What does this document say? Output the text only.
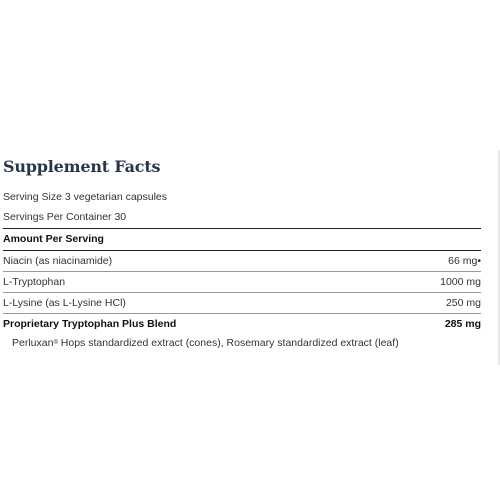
Supplement Facts
Serving Size 3 vegetarian capsules
Servings Per Container 30
Amount Per Serving
Niacin (as niacinamide)	66 mg•
L-Tryptophan	1000 mg
L-Lysine (as L-Lysine HCl)	250 mg
Proprietary Tryptophan Plus Blend	285 mg
Perluxan® Hops standardized extract (cones), Rosemary standardized extract (leaf)
